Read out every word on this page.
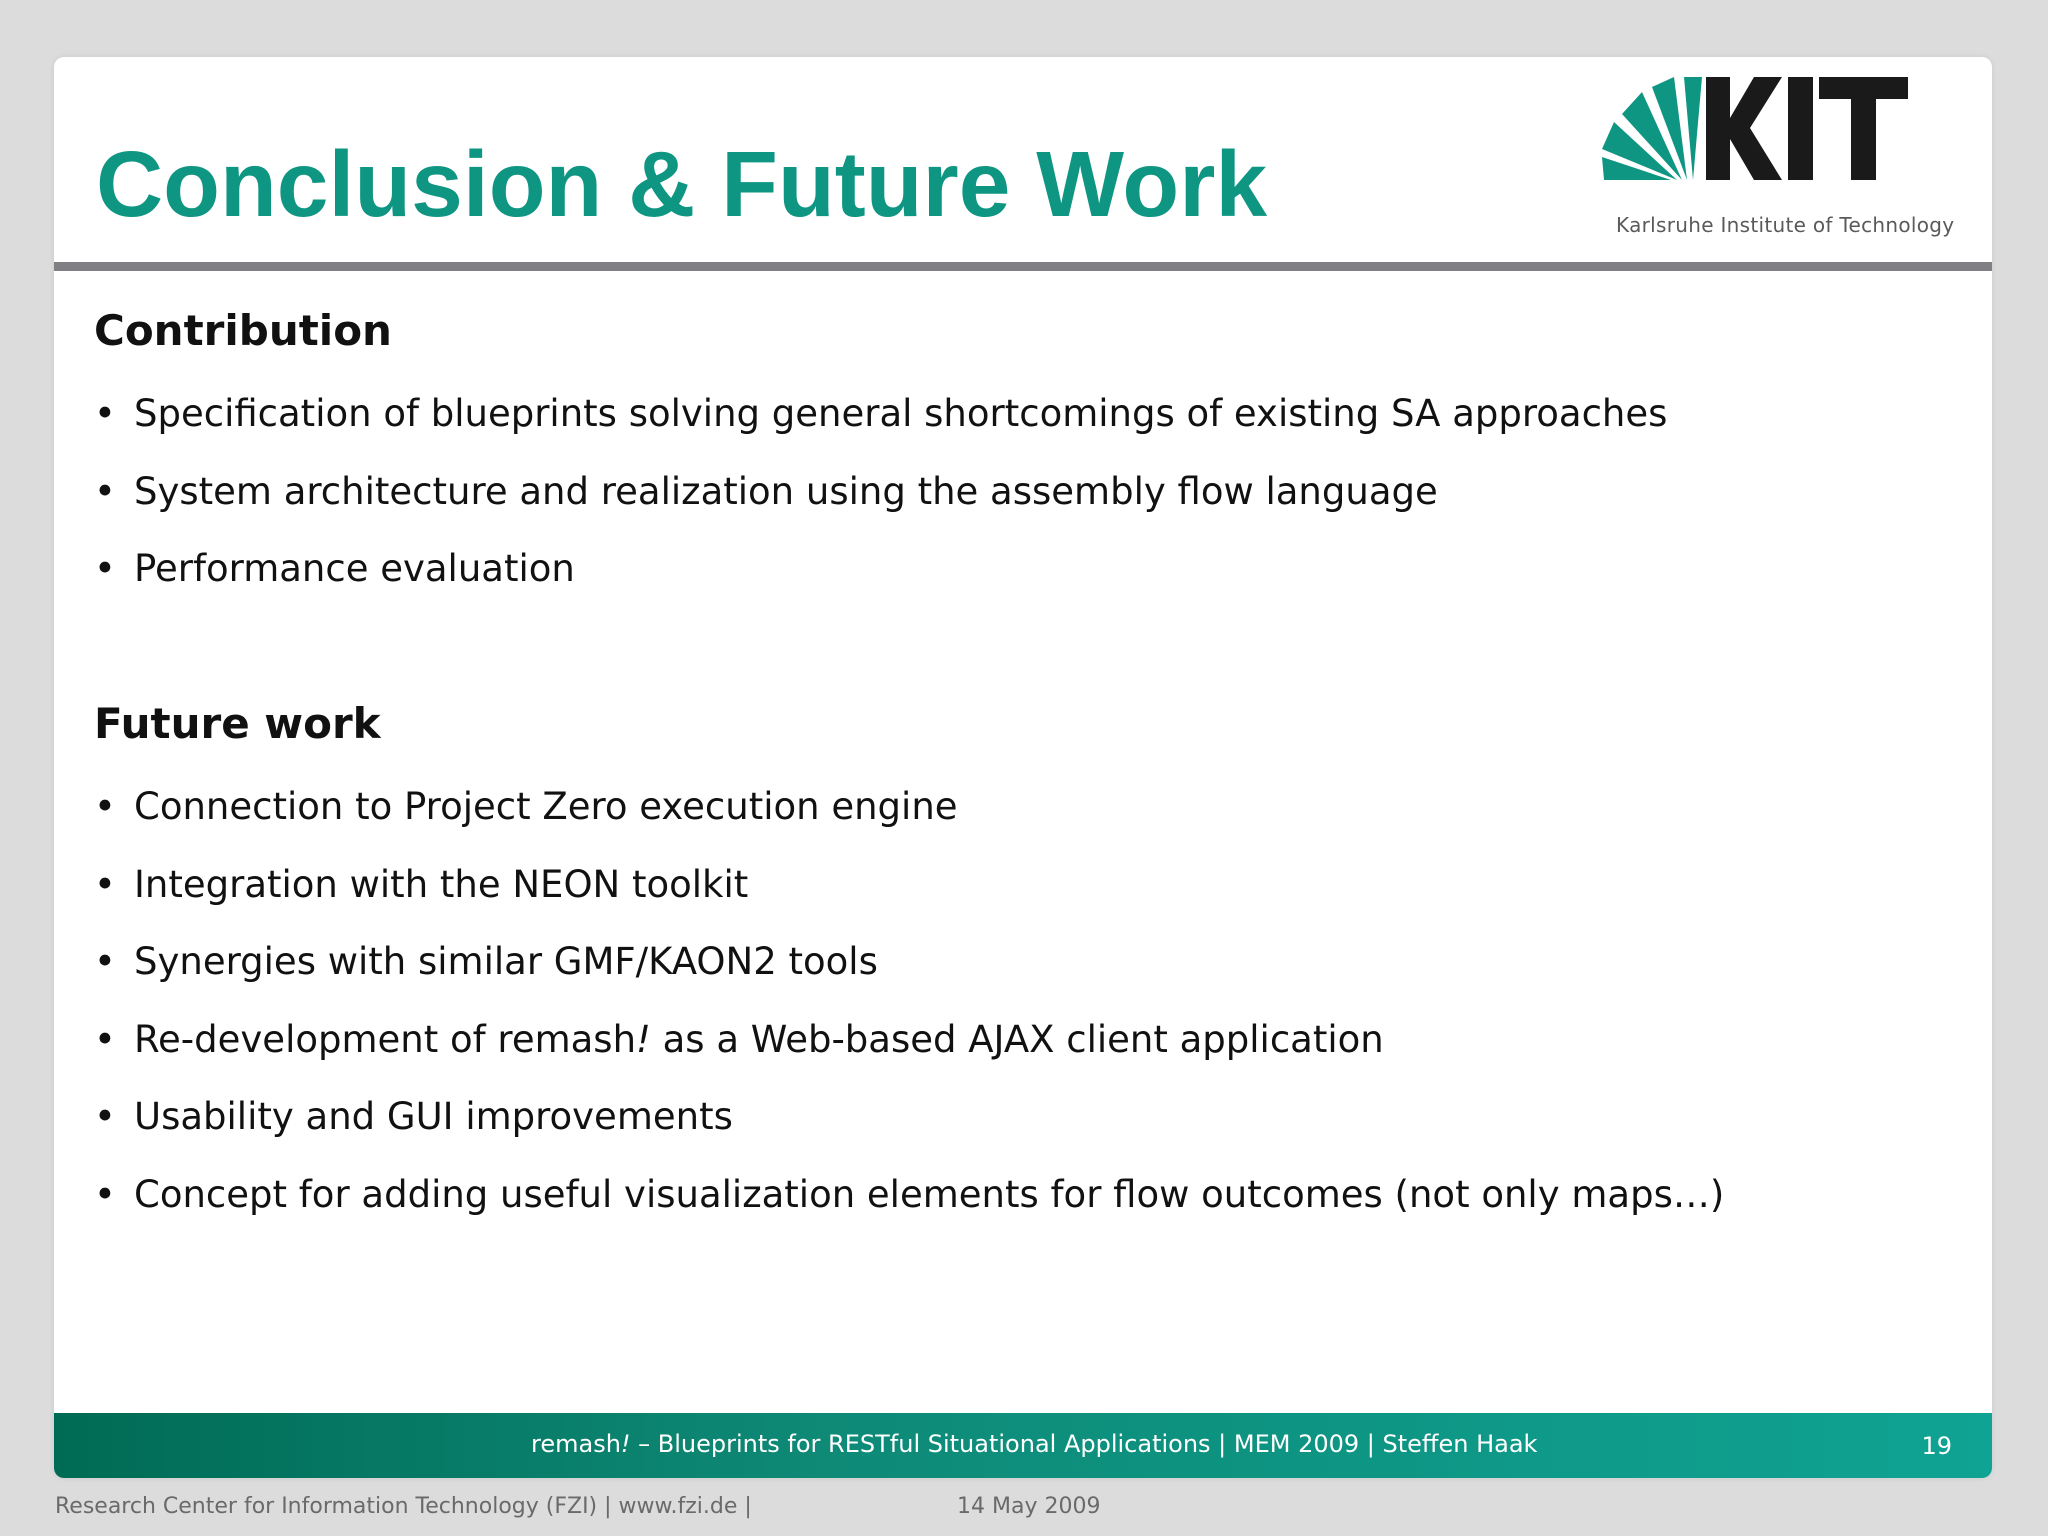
Conclusion & Future Work	Karlsruhe Institute of Technology
Contribution
• Specification of blueprints solving general shortcomings of existing SA approaches
• System architecture and realization using the assembly flow language
• Performance evaluation
Future work
• Connection to Project Zero execution engine
• Integration with the NEON toolkit
• Synergies with similar GMF/KAON2 tools
• Re-development of remash! as a Web-based AJAX client application
• Usability and GUI improvements
• Concept for adding useful visualization elements for flow outcomes (not only maps…)
remash! – Blueprints for RESTful Situational Applications | MEM 2009 | Steffen Haak	19
Research Center for Information Technology (FZI) | www.fzi.de |	14 May 2009
